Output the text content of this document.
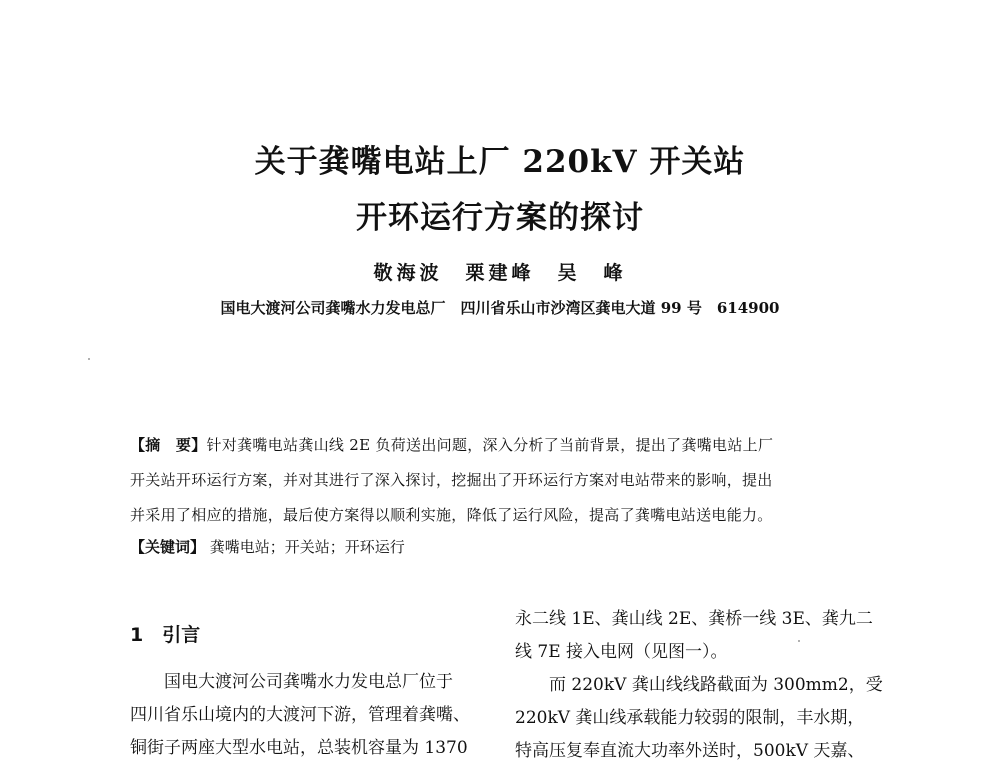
关于龚嘴电站上厂 220kV 开关站
开环运行方案的探讨
敬海波　栗建峰　吴　峰
国电大渡河公司龚嘴水力发电总厂　四川省乐山市沙湾区龚电大道 99 号　614900
【摘　要】针对龚嘴电站龚山线 2E 负荷送出问题，深入分析了当前背景，提出了龚嘴电站上厂
开关站开环运行方案，并对其进行了深入探讨，挖掘出了开环运行方案对电站带来的影响，提出
并采用了相应的措施，最后使方案得以顺利实施，降低了运行风险，提高了龚嘴电站送电能力。
【关键词】 龚嘴电站；开关站；开环运行
1　引言
国电大渡河公司龚嘴水力发电总厂位于
四川省乐山境内的大渡河下游，管理着龚嘴、
铜街子两座大型水电站，总装机容量为 1370
永二线 1E、龚山线 2E、龚桥一线 3E、龚九二
线 7E 接入电网（见图一）。
而 220kV 龚山线线路截面为 300mm2，受
220kV 龚山线承载能力较弱的限制，丰水期，
特高压复奉直流大功率外送时，500kV 天嘉、
